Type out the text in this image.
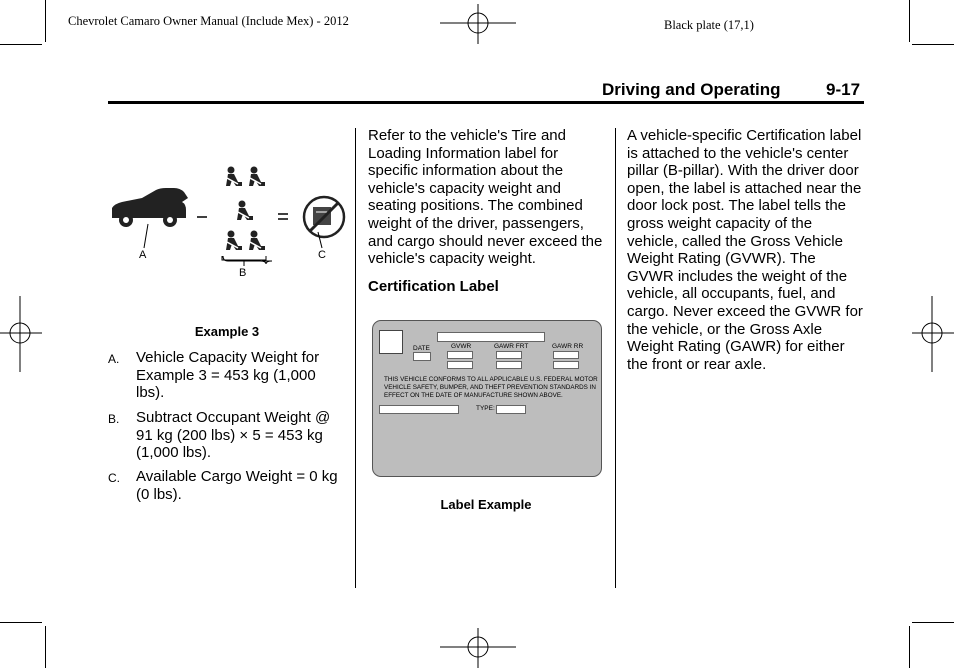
Chevrolet Camaro Owner Manual (Include Mex) - 2012	Black plate (17,1)
Driving and Operating	9-17
A
B
C
Example 3
A. Vehicle Capacity Weight for Example 3 = 453 kg (1,000 lbs).
B. Subtract Occupant Weight @ 91 kg (200 lbs) × 5 = 453 kg (1,000 lbs).
C. Available Cargo Weight = 0 kg (0 lbs).
Refer to the vehicle's Tire and Loading Information label for specific information about the vehicle's capacity weight and seating positions. The combined weight of the driver, passengers, and cargo should never exceed the vehicle's capacity weight.
Certification Label
DATE	GVWR	GAWR FRT	GAWR RR
THIS VEHICLE CONFORMS TO ALL APPLICABLE U.S. FEDERAL MOTOR
VEHICLE SAFETY, BUMPER, AND THEFT PREVENTION STANDARDS IN
EFFECT ON THE DATE OF MANUFACTURE SHOWN ABOVE.
TYPE:
Label Example
A vehicle-specific Certification label is attached to the vehicle's center pillar (B-pillar). With the driver door open, the label is attached near the door lock post. The label tells the gross weight capacity of the vehicle, called the Gross Vehicle Weight Rating (GVWR). The GVWR includes the weight of the vehicle, all occupants, fuel, and cargo. Never exceed the GVWR for the vehicle, or the Gross Axle Weight Rating (GAWR) for either the front or rear axle.
